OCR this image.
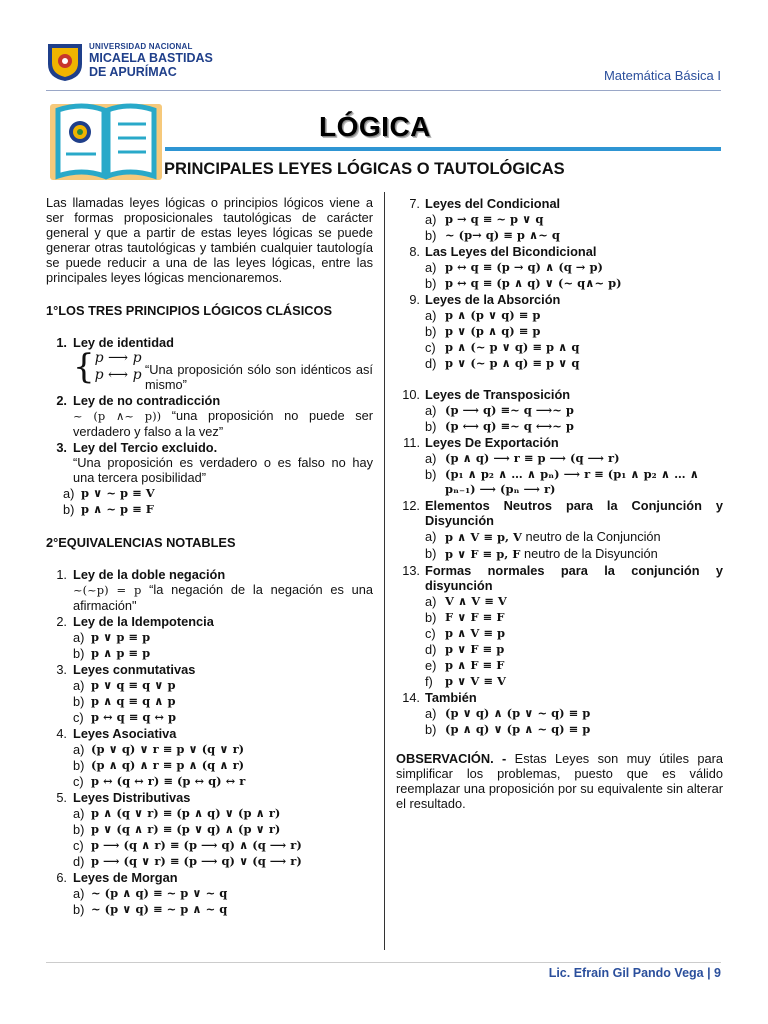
UNIVERSIDAD NACIONAL
MICAELA BASTIDAS
DE APURÍMAC	Matemática Básica I
LÓGICA
PRINCIPALES LEYES LÓGICAS O TAUTOLÓGICAS

Las llamadas leyes lógicas o principios lógicos viene a ser formas proposicionales tautológicas de carácter general y que a partir de estas leyes lógicas se puede generar otras tautológicas y también cualquier tautología se puede reducir a una de las leyes lógicas, entre las principales leyes lógicas mencionaremos.

1°LOS TRES PRINCIPIOS LÓGICOS CLÁSICOS
1. Ley de identidad
{ p ⟶ p
p ⟷ p “Una proposición sólo son idénticos así mismo”

2. Ley de no contradicción

~ (p ∧~ p)) “una proposición no puede ser verdadero y falso a la vez”

3. Ley del Tercio excluido.

“Una proposición es verdadero o es falso no hay una tercera posibilidad”

a) p ∨ ~ p ≡ V
b) p ∧ ~ p ≡ F
2°EQUIVALENCIAS NOTABLES
1. Ley de la doble negación

~(~p) = p “la negación de la negación es una afirmación"

2. Ley de la Idempotencia
a) p ∨ p ≡ p
b) p ∧ p ≡ p
3. Leyes conmutativas
a) p ∨ q ≡ q ∨ p
b) p ∧ q ≡ q ∧ p
c) p ↔ q ≡ q ↔ p
4. Leyes Asociativa
a) (p ∨ q) ∨ r ≡ p ∨ (q ∨ r)
b) (p ∧ q) ∧ r ≡ p ∧ (q ∧ r)
c) p ↔ (q ↔ r) ≡ (p ↔ q) ↔ r
5. Leyes Distributivas
a) p ∧ (q ∨ r) ≡ (p ∧ q) ∨ (p ∧ r)
b) p ∨ (q ∧ r) ≡ (p ∨ q) ∧ (p ∨ r)
c) p ⟶ (q ∧ r) ≡ (p ⟶ q) ∧ (q ⟶ r)
d) p ⟶ (q ∨ r) ≡ (p ⟶ q) ∨ (q ⟶ r)
6. Leyes de Morgan
a) ~ (p ∧ q) ≡ ~ p ∨ ~ q
b) ~ (p ∨ q) ≡ ~ p ∧ ~ q
7. Leyes del Condicional
a) p → q ≡ ~ p ∨ q
b) ~ (p→ q) ≡ p ∧~ q
8. Las Leyes del Bicondicional
a) p ↔ q ≡ (p → q) ∧ (q → p)
b) p ↔ q ≡ (p ∧ q) ∨ (~ q∧~ p)
9. Leyes de la Absorción
a) p ∧ (p ∨ q) ≡ p
b) p ∨ (p ∧ q) ≡ p
c) p ∧ (~ p ∨ q) ≡ p ∧ q
d) p ∨ (~ p ∧ q) ≡ p ∨ q
10. Leyes de Transposición
a) (p ⟶ q) ≡~ q ⟶~ p
b) (p ⟷ q) ≡~ q ⟷~ p
11. Leyes De Exportación
a) (p ∧ q) ⟶ r ≡ p ⟶ (q ⟶ r)
b) (p₁ ∧ p₂ ∧ … ∧ pₙ) ⟶ r ≡ (p₁ ∧ p₂ ∧ … ∧ pₙ₋₁) ⟶ (pₙ ⟶ r)
12. Elementos Neutros para la Conjunción y Disyunción
a) p ∧ V ≡ p, V neutro de la Conjunción
b) p ∨ F ≡ p, F neutro de la Disyunción
13. Formas normales para la conjunción y disyunción
a) V ∧ V ≡ V
b) F ∨ F ≡ F
c) p ∧ V ≡ p
d) p ∨ F ≡ p
e) p ∧ F ≡ F
f)	p ∨ V ≡ V
14. También
a) (p ∨ q) ∧ (p ∨ ~ q) ≡ p
b) (p ∧ q) ∨ (p ∧ ~ q) ≡ p

OBSERVACIÓN. - Estas Leyes son muy útiles para simplificar los problemas, puesto que es válido reemplazar una proposición por su equivalente sin alterar el resultado.

Lic. Efraín Gil Pando Vega | 9
